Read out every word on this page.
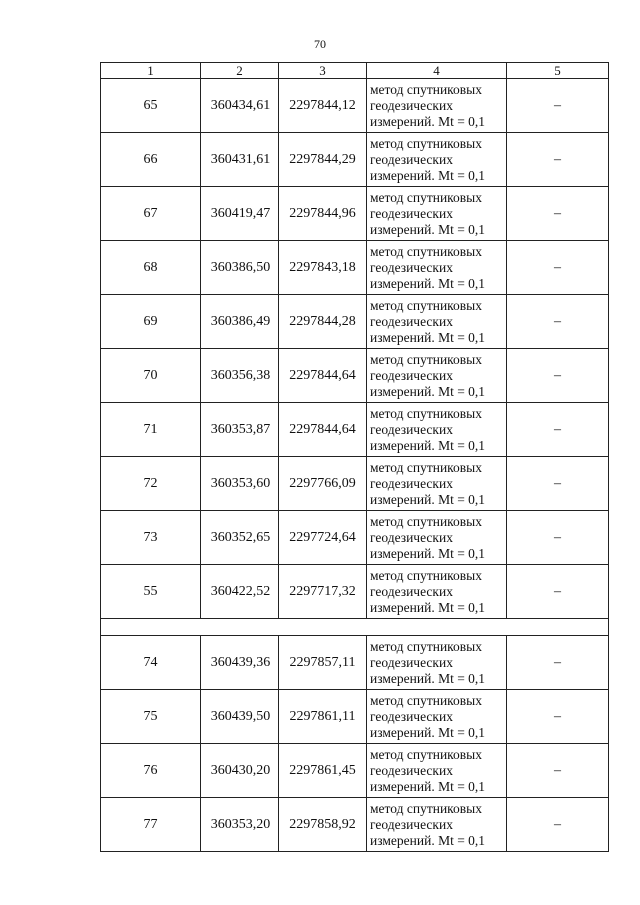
70
1	2	3	4	5
65	360434,61	2297844,12	метод спутниковых
геодезических
измерений. Mt = 0,1	–
66	360431,61	2297844,29	метод спутниковых
геодезических
измерений. Mt = 0,1	–
67	360419,47	2297844,96	метод спутниковых
геодезических
измерений. Mt = 0,1	–
68	360386,50	2297843,18	метод спутниковых
геодезических
измерений. Mt = 0,1	–
69	360386,49	2297844,28	метод спутниковых
геодезических
измерений. Mt = 0,1	–
70	360356,38	2297844,64	метод спутниковых
геодезических
измерений. Mt = 0,1	–
71	360353,87	2297844,64	метод спутниковых
геодезических
измерений. Mt = 0,1	–
72	360353,60	2297766,09	метод спутниковых
геодезических
измерений. Mt = 0,1	–
73	360352,65	2297724,64	метод спутниковых
геодезических
измерений. Mt = 0,1	–
55	360422,52	2297717,32	метод спутниковых
геодезических
измерений. Mt = 0,1	–

74	360439,36	2297857,11	метод спутниковых
геодезических
измерений. Mt = 0,1	–
75	360439,50	2297861,11	метод спутниковых
геодезических
измерений. Mt = 0,1	–
76	360430,20	2297861,45	метод спутниковых
геодезических
измерений. Mt = 0,1	–
77	360353,20	2297858,92	метод спутниковых
геодезических
измерений. Mt = 0,1	–
